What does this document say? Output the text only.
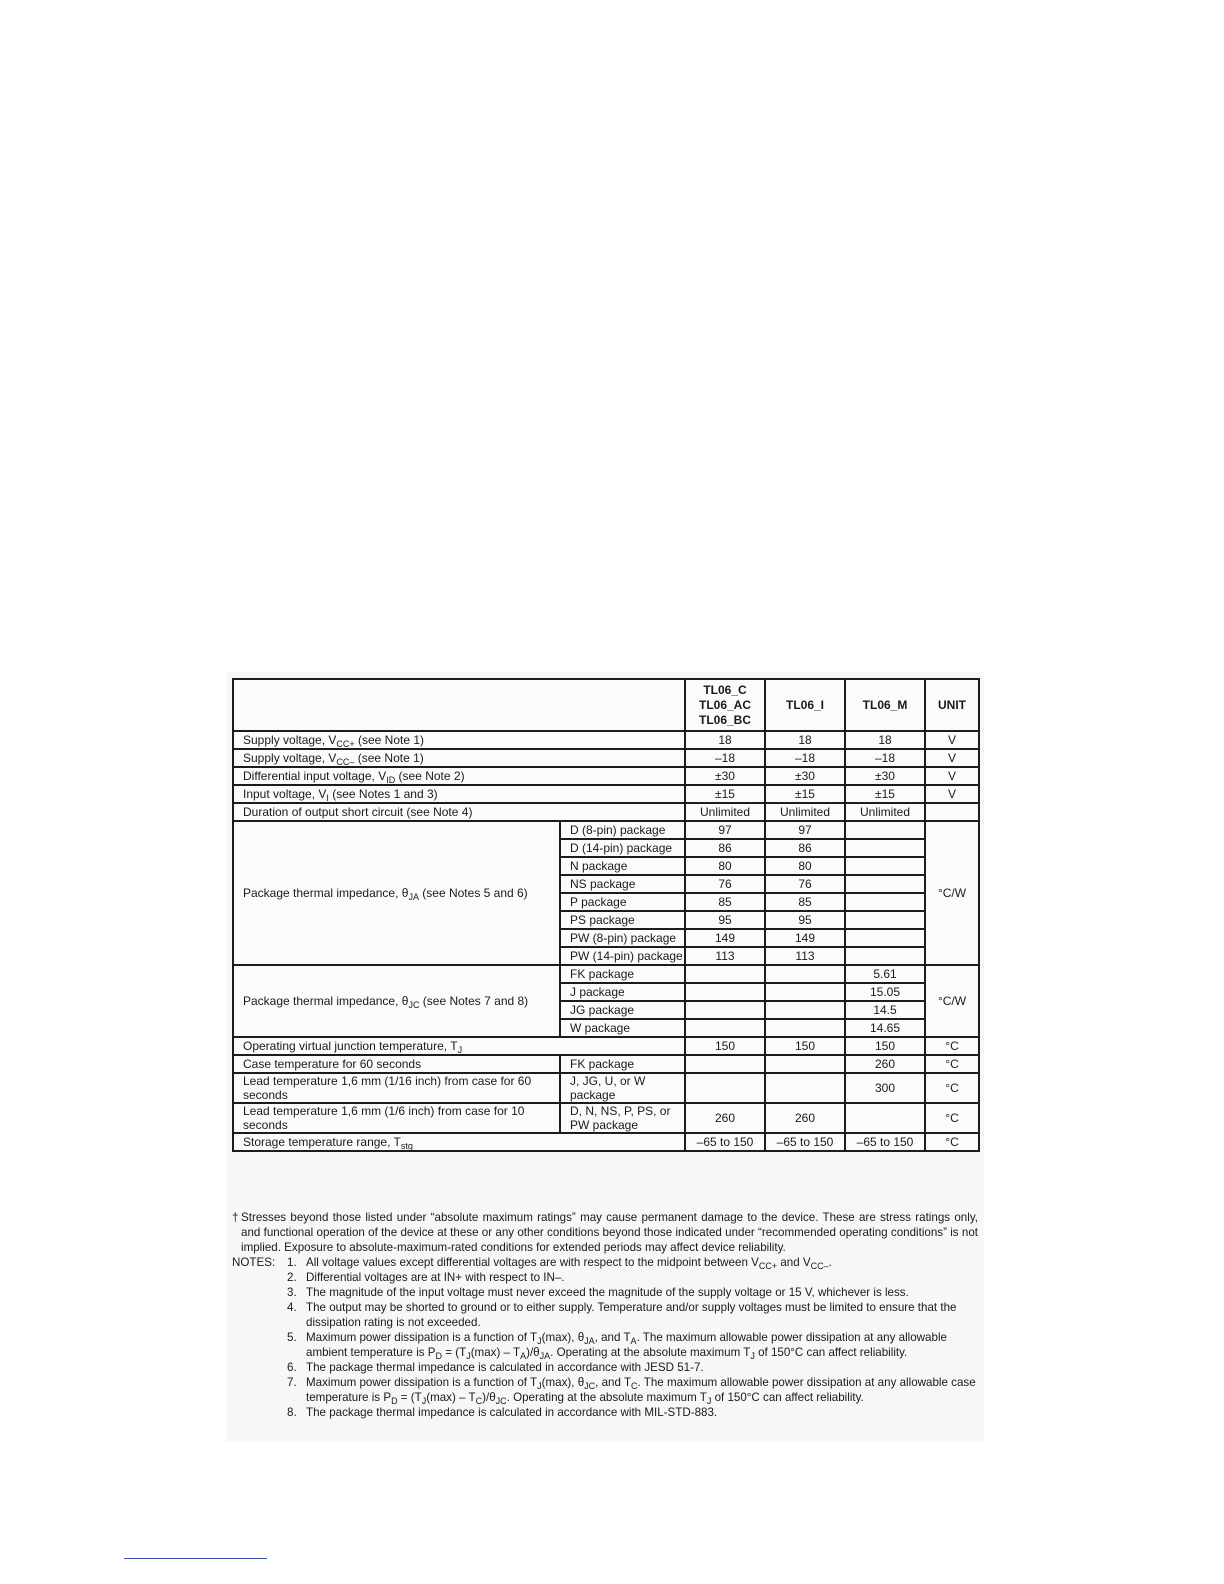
		TL06_C
TL06_AC
TL06_BC	TL06_I	TL06_M	UNIT
Supply voltage, $V_{CC+}$ (see Note 1)		18	18	18	V
Supply voltage, $V_{CC-}$ (see Note 1)		–18	–18	–18	V
Differential input voltage, $V_{ID}$ (see Note 2)		±30	±30	±30	V
Input voltage, $V_I$ (see Notes 1 and 3)		±15	±15	±15	V
Duration of output short circuit (see Note 4)		Unlimited	Unlimited	Unlimited	
Package thermal impedance, $\theta_{JA}$ (see Notes 5 and 6)	D (8-pin) package	97	97		°C/W
	D (14-pin) package	86	86		
	N package	80	80		
	NS package	76	76		
	P package	85	85		
	PS package	95	95		
	PW (8-pin) package	149	149		
	PW (14-pin) package	113	113		
Package thermal impedance, $\theta_{JC}$ (see Notes 7 and 8)	FK package			5.61	°C/W
	J package			15.05	
	JG package			14.5	
	W package			14.65	
Operating virtual junction temperature, $T_J$		150	150	150	°C
Case temperature for 60 seconds	FK package			260	°C
Lead temperature 1,6 mm (1/16 inch) from case for 60 seconds	J, JG, U, or W package			300	°C
Lead temperature 1,6 mm (1/6 inch) from case for 10 seconds	D, N, NS, P, PS, or PW package	260	260		°C
Storage temperature range, $T_{stg}$		–65 to 150	–65 to 150	–65 to 150	°C
† Stresses beyond those listed under “absolute maximum ratings” may cause permanent damage to the device. These are stress ratings only, and functional operation of the device at these or any other conditions beyond those indicated under “recommended operating conditions” is not implied. Exposure to absolute-maximum-rated conditions for extended periods may affect device reliability.
NOTES:	1. All voltage values except differential voltages are with respect to the midpoint between $V_{CC+}$ and $V_{CC-}$.
2. Differential voltages are at IN+ with respect to IN–.
3. The magnitude of the input voltage must never exceed the magnitude of the supply voltage or 15 V, whichever is less.
4. The output may be shorted to ground or to either supply. Temperature and/or supply voltages must be limited to ensure that the dissipation rating is not exceeded.
5. Maximum power dissipation is a function of $T_J(\max)$, $\theta_{JA}$, and $T_A$. The maximum allowable power dissipation at any allowable ambient temperature is $P_D = (T_J(\max) - T_A)/\theta_{JA}$. Operating at the absolute maximum $T_J$ of 150°C can affect reliability.
6. The package thermal impedance is calculated in accordance with JESD 51-7.
7. Maximum power dissipation is a function of $T_J(\max)$, $\theta_{JC}$, and $T_C$. The maximum allowable power dissipation at any allowable case temperature is $P_D = (T_J(\max) - T_C)/\theta_{JC}$. Operating at the absolute maximum $T_J$ of 150°C can affect reliability.
8. The package thermal impedance is calculated in accordance with MIL-STD-883.
